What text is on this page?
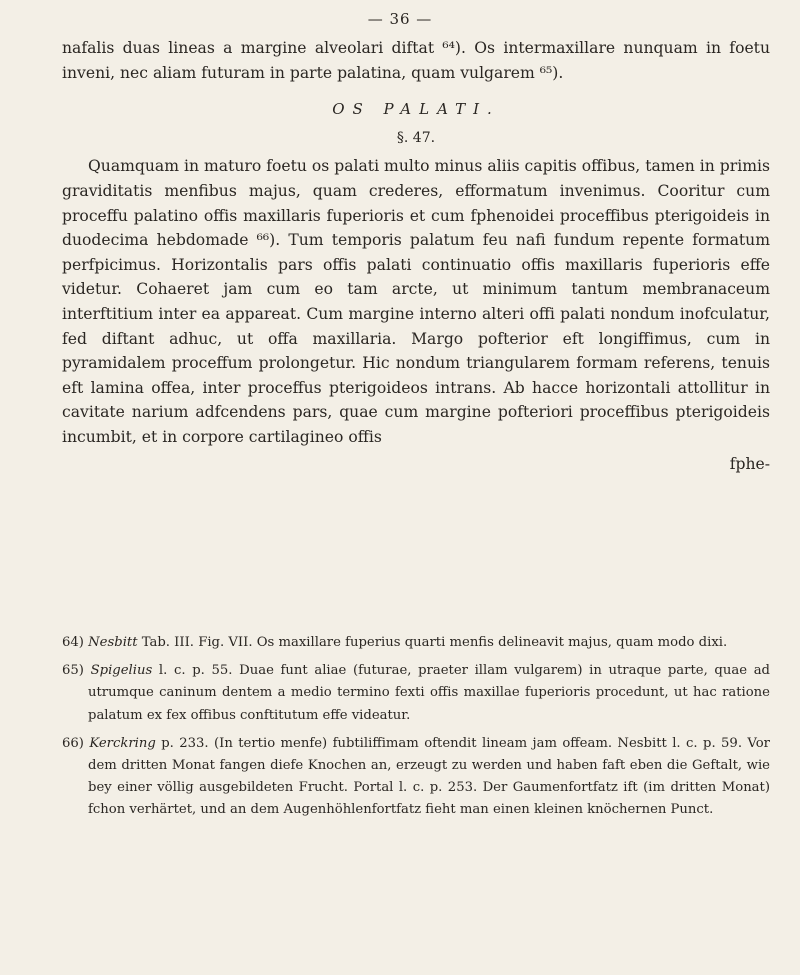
— 36 —

nafalis duas lineas a margine alveolari diftat ⁶⁴). Os intermaxillare nunquam in foetu inveni, nec aliam futuram in parte palatina, quam vulgarem ⁶⁵).

OS PALATI.
§. 47.

Quamquam in maturo foetu os palati multo minus aliis capitis offibus, tamen in primis graviditatis menfibus majus, quam crederes, efformatum invenimus. Cooritur cum proceffu palatino offis maxillaris fuperioris et cum fphenoidei proceffibus pterigoideis in duodecima hebdomade ⁶⁶). Tum temporis palatum feu nafi fundum repente formatum perfpicimus. Horizontalis pars offis palati continuatio offis maxillaris fuperioris effe videtur. Cohaeret jam cum eo tam arcte, ut minimum tantum membranaceum interftitium inter ea appareat. Cum margine interno alteri offi palati nondum inofculatur, fed diftant adhuc, ut offa maxillaria. Margo pofterior eft longiffimus, cum in pyramidalem proceffum prolongetur. Hic nondum triangularem formam referens, tenuis eft lamina offea, inter proceffus pterigoideos intrans. Ab hacce horizontali attollitur in cavitate narium adfcendens pars, quae cum margine pofteriori proceffibus pterigoideis incumbit, et in corpore cartilagineo offis

fphe-

64) Nesbitt Tab. III. Fig. VII. Os maxillare fuperius quarti menfis delineavit majus, quam modo dixi.

65) Spigelius l. c. p. 55. Duae funt aliae (futurae, praeter illam vulgarem) in utraque parte, quae ad utrumque caninum dentem a medio termino fexti offis maxillae fuperioris procedunt, ut hac ratione palatum ex fex offibus conftitutum effe videatur.

66) Kerckring p. 233. (In tertio menfe) fubtiliffimam oftendit lineam jam offeam. Nesbitt l. c. p. 59. Vor dem dritten Monat fangen diefe Knochen an, erzeugt zu werden und haben faft eben die Geftalt, wie bey einer völlig ausgebildeten Frucht. Portal l. c. p. 253. Der Gaumenfortfatz ift (im dritten Monat) fchon verhärtet, und an dem Augenhöhlenfortfatz fieht man einen kleinen knöchernen Punct.
